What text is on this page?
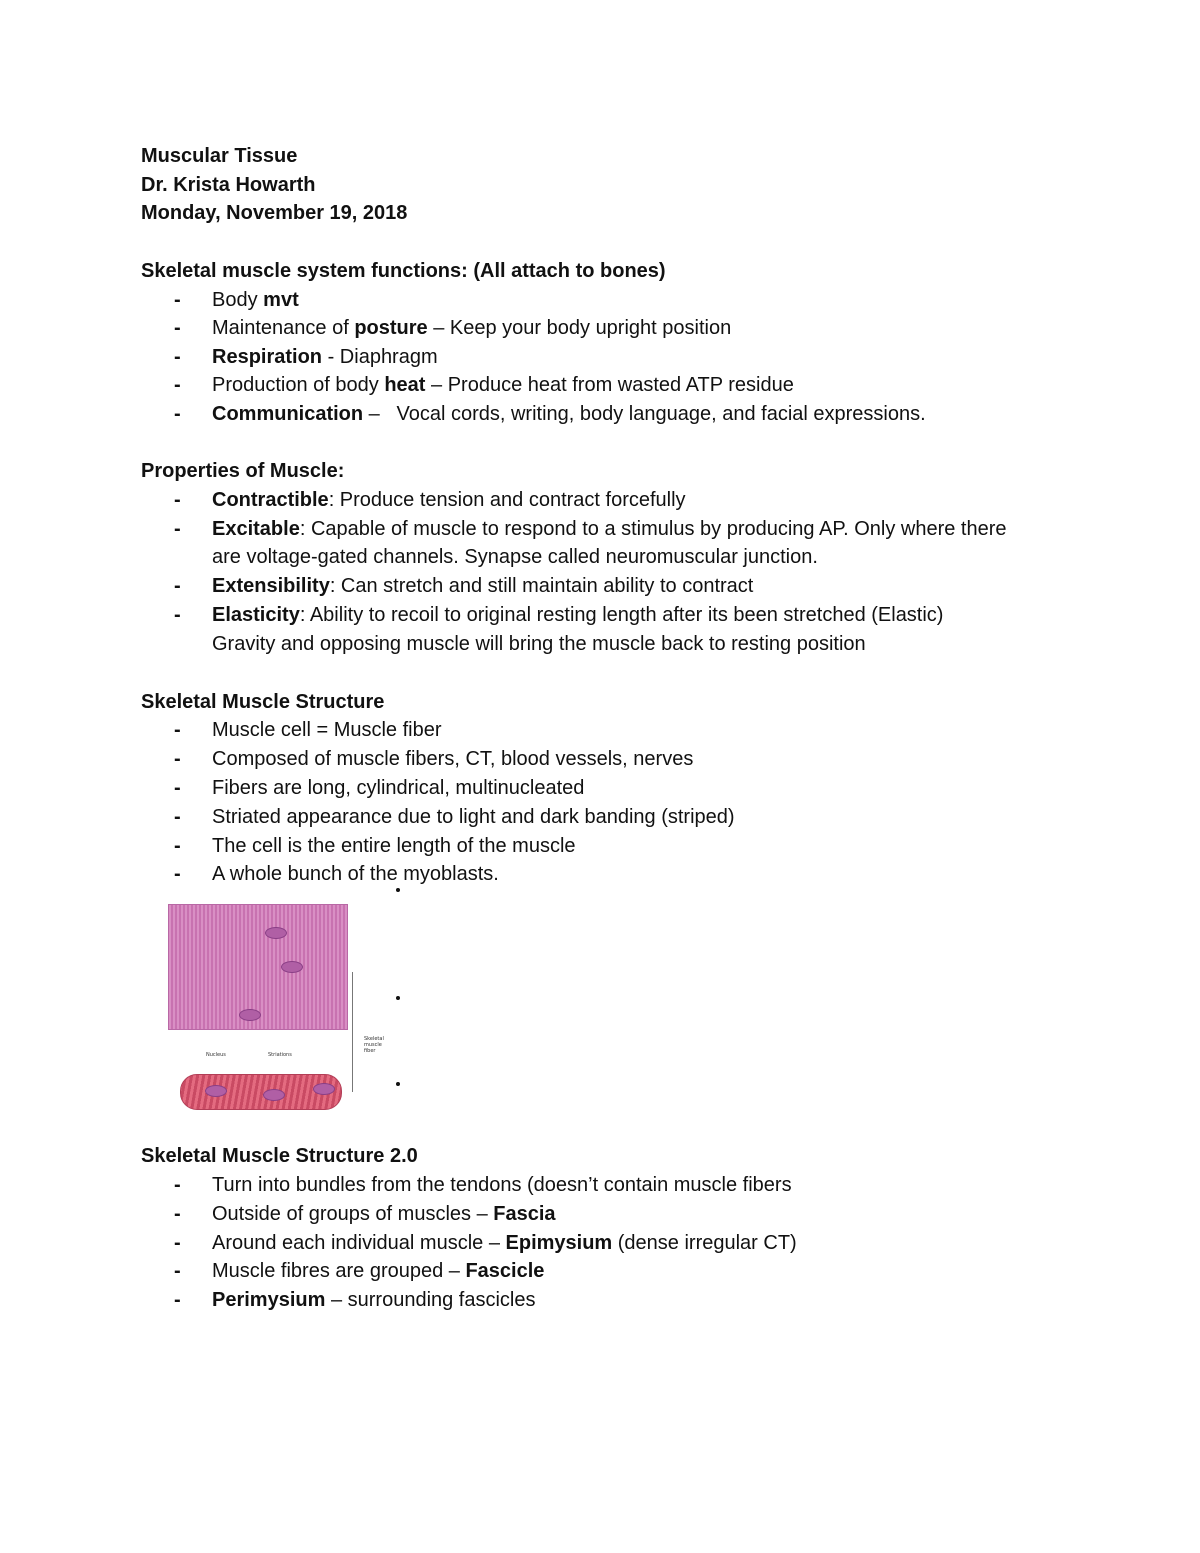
Muscular Tissue
Dr. Krista Howarth
Monday, November 19, 2018
Skeletal muscle system functions: (All attach to bones)
- Body mvt
- Maintenance of posture – Keep your body upright position
- Respiration - Diaphragm
- Production of body heat – Produce heat from wasted ATP residue
- Communication –   Vocal cords, writing, body language, and facial expressions.
Properties of Muscle:
- Contractible: Produce tension and contract forcefully
- Excitable: Capable of muscle to respond to a stimulus by producing AP. Only where there
are voltage-gated channels. Synapse called neuromuscular junction.
- Extensibility: Can stretch and still maintain ability to contract
- Elasticity: Ability to recoil to original resting length after its been stretched (Elastic)
Gravity and opposing muscle will bring the muscle back to resting position
Skeletal Muscle Structure
- Muscle cell = Muscle fiber
- Composed of muscle fibers, CT, blood vessels, nerves
- Fibers are long, cylindrical, multinucleated
- Striated appearance due to light and dark banding (striped)
- The cell is the entire length of the muscle
- A whole bunch of the myoblasts.
Nucleus	Striations
Skeletal muscle fiber
Skeletal Muscle Structure 2.0
- Turn into bundles from the tendons (doesn’t contain muscle fibers
- Outside of groups of muscles – Fascia
- Around each individual muscle – Epimysium (dense irregular CT)
- Muscle fibres are grouped – Fascicle
- Perimysium – surrounding fascicles
